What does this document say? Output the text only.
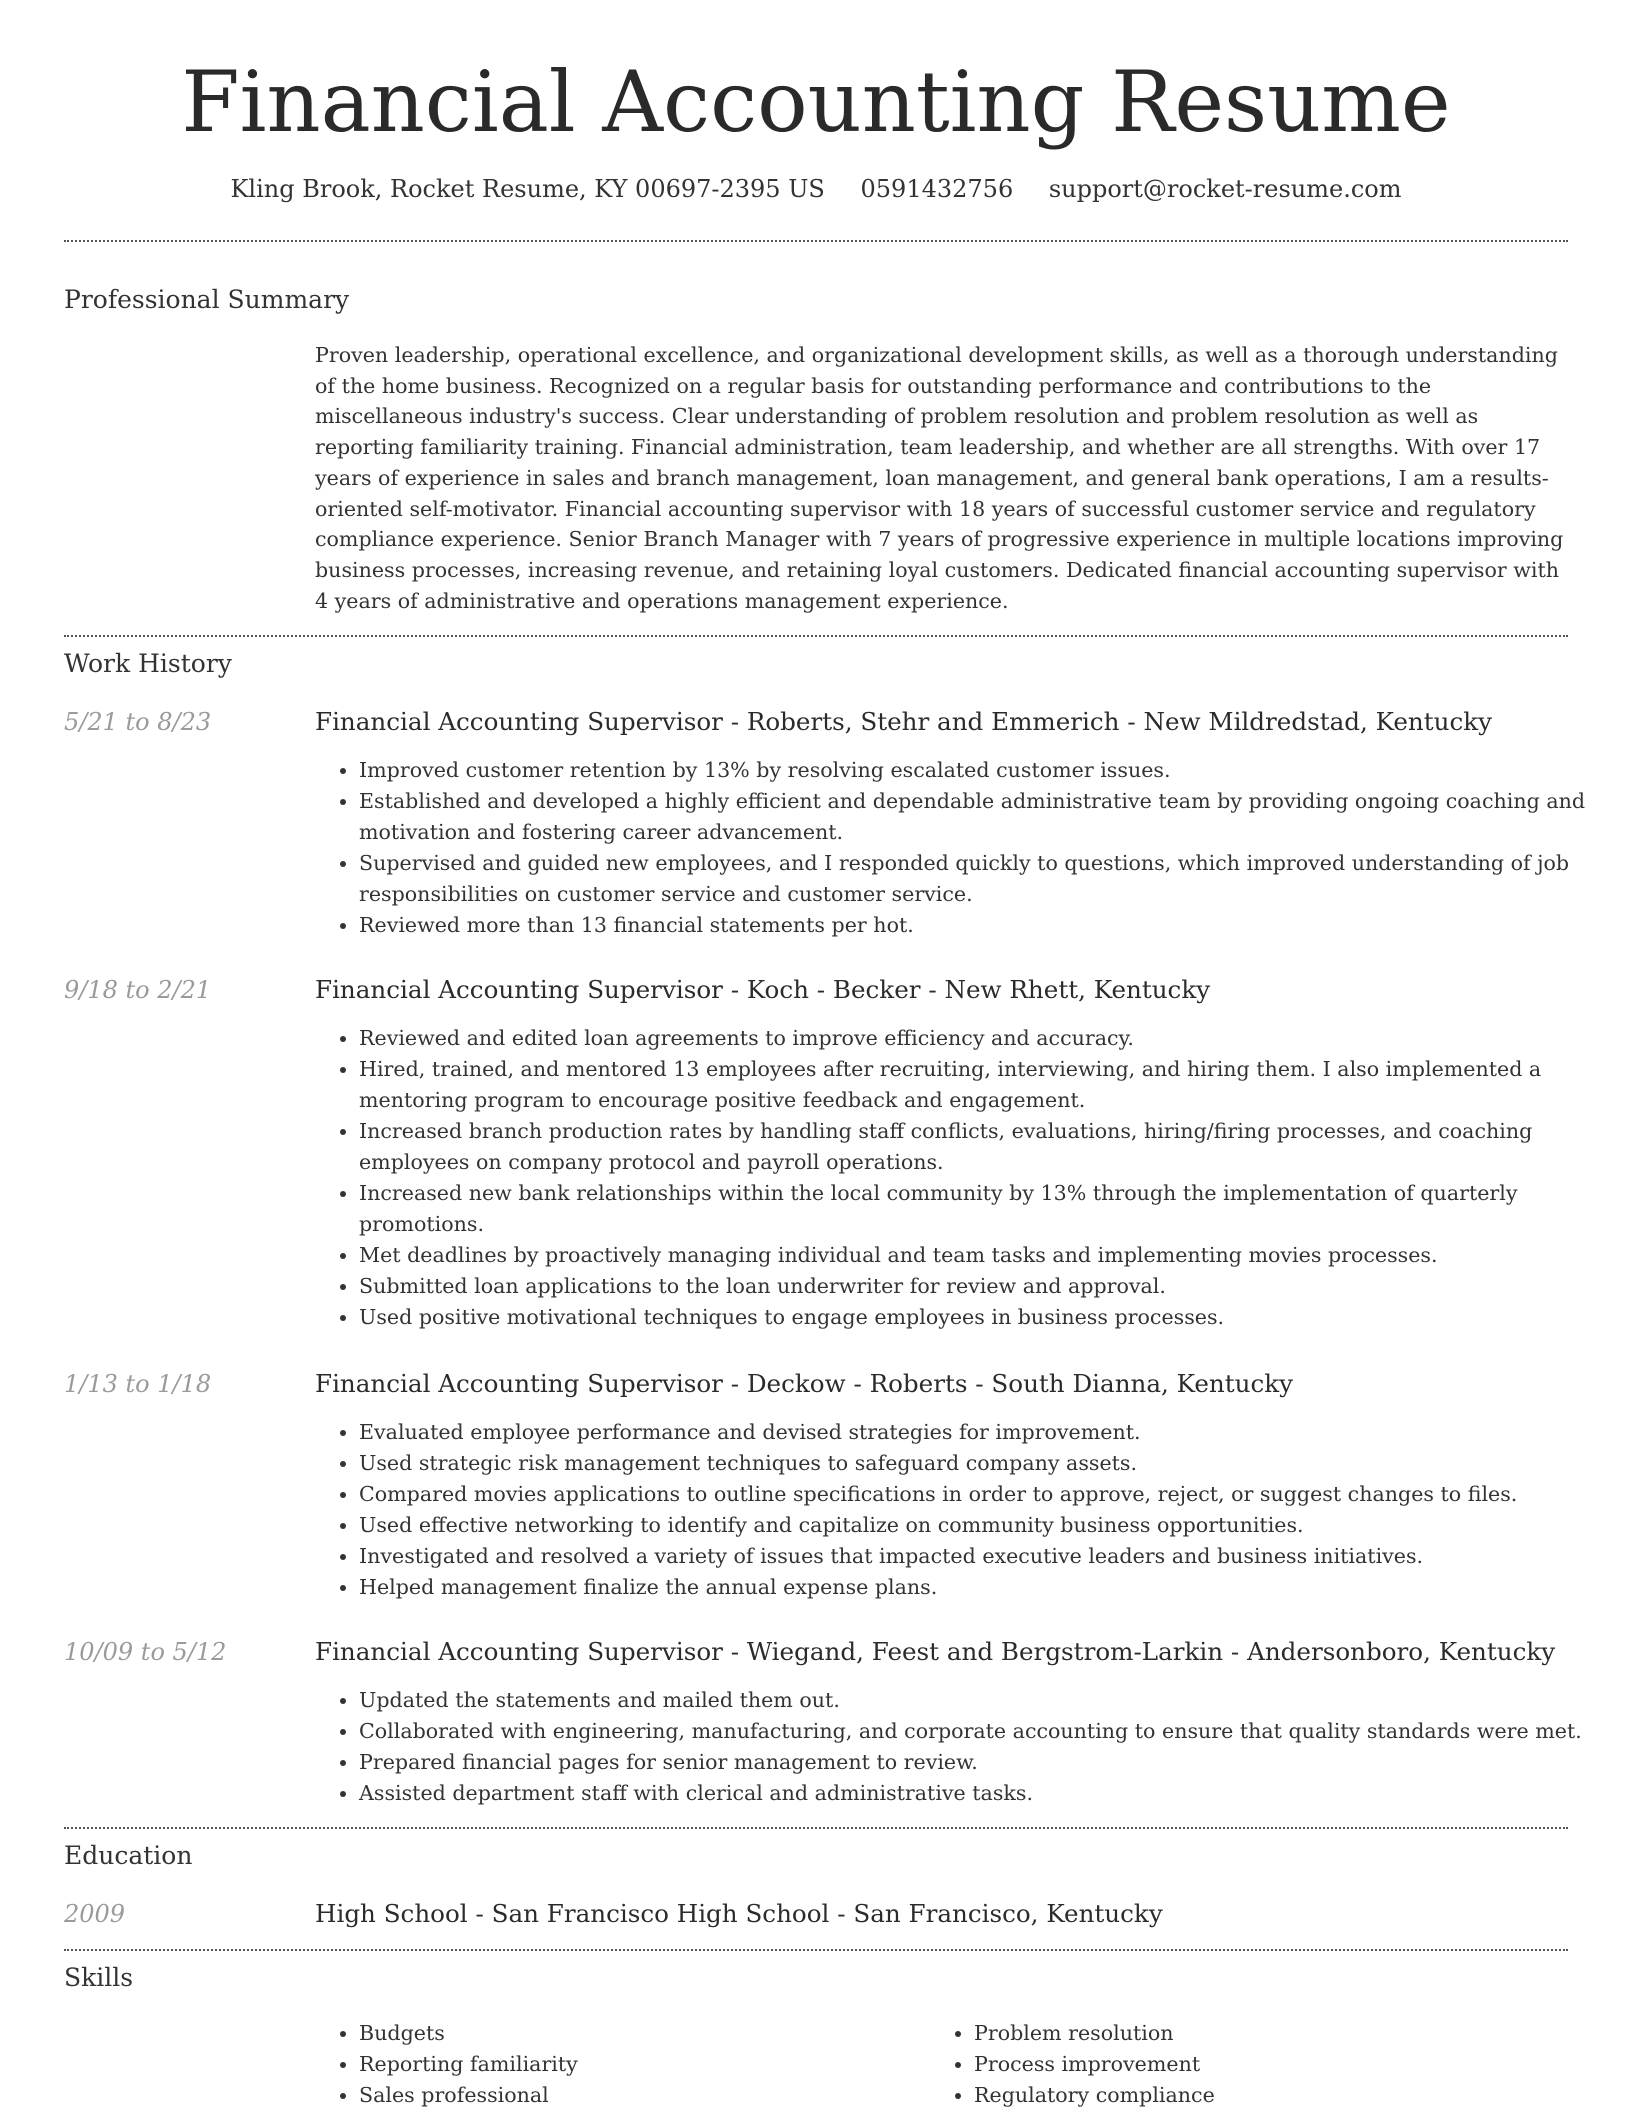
Financial Accounting Resume
Kling Brook, Rocket Resume, KY 00697-2395 US 0591432756 support@rocket-resume.com
Professional Summary

Proven leadership, operational excellence, and organizational development skills, as well as a thorough understanding of the home business. Recognized on a regular basis for outstanding performance and contributions to the miscellaneous industry's success. Clear understanding of problem resolution and problem resolution as well as reporting familiarity training. Financial administration, team leadership, and whether are all strengths. With over 17 years of experience in sales and branch management, loan management, and general bank operations, I am a results-oriented self-motivator. Financial accounting supervisor with 18 years of successful customer service and regulatory compliance experience. Senior Branch Manager with 7 years of progressive experience in multiple locations improving business processes, increasing revenue, and retaining loyal customers. Dedicated financial accounting supervisor with 4 years of administrative and operations management experience.

Work History
5/21 to 8/23	Financial Accounting Supervisor - Roberts, Stehr and Emmerich - New Mildredstad, Kentucky
• Improved customer retention by 13% by resolving escalated customer issues.
• Established and developed a highly efficient and dependable administrative team by providing ongoing coaching and motivation and fostering career advancement.
• Supervised and guided new employees, and I responded quickly to questions, which improved understanding of job responsibilities on customer service and customer service.
• Reviewed more than 13 financial statements per hot.
9/18 to 2/21	Financial Accounting Supervisor - Koch - Becker - New Rhett, Kentucky
• Reviewed and edited loan agreements to improve efficiency and accuracy.
• Hired, trained, and mentored 13 employees after recruiting, interviewing, and hiring them. I also implemented a mentoring program to encourage positive feedback and engagement.
• Increased branch production rates by handling staff conflicts, evaluations, hiring/firing processes, and coaching employees on company protocol and payroll operations.
• Increased new bank relationships within the local community by 13% through the implementation of quarterly promotions.
• Met deadlines by proactively managing individual and team tasks and implementing movies processes.
• Submitted loan applications to the loan underwriter for review and approval.
• Used positive motivational techniques to engage employees in business processes.
1/13 to 1/18	Financial Accounting Supervisor - Deckow - Roberts - South Dianna, Kentucky
• Evaluated employee performance and devised strategies for improvement.
• Used strategic risk management techniques to safeguard company assets.
• Compared movies applications to outline specifications in order to approve, reject, or suggest changes to files.
• Used effective networking to identify and capitalize on community business opportunities.
• Investigated and resolved a variety of issues that impacted executive leaders and business initiatives.
• Helped management finalize the annual expense plans.
10/09 to 5/12	Financial Accounting Supervisor - Wiegand, Feest and Bergstrom-Larkin - Andersonboro, Kentucky
• Updated the statements and mailed them out.
• Collaborated with engineering, manufacturing, and corporate accounting to ensure that quality standards were met.
• Prepared financial pages for senior management to review.
• Assisted department staff with clerical and administrative tasks.
Education
2009	High School - San Francisco High School - San Francisco, Kentucky
Skills
• Budgets
• Reporting familiarity
• Sales professional
• Problem resolution
• Process improvement
• Regulatory compliance
